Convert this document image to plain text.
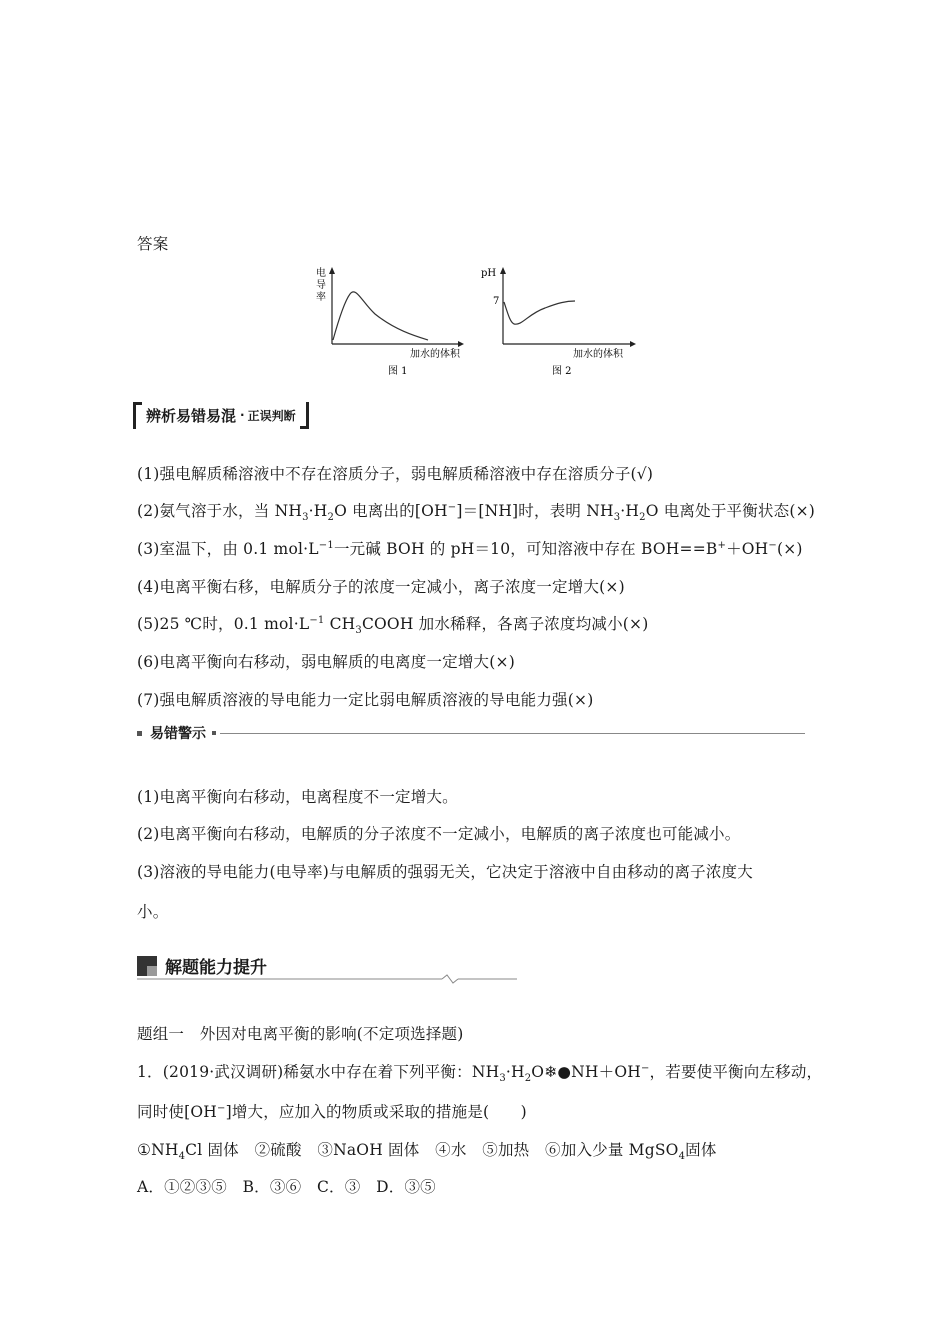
答案
电
导
率
加水的体积
图 1
pH
7
加水的体积
图 2
辨析易错易混 · 正误判断
(1)强电解质稀溶液中不存在溶质分子，弱电解质稀溶液中存在溶质分子(√)
(2)氨气溶于水，当 $NH_3\cdot H_2O$ 电离出的[OH−]＝[NH]时，表明 $NH_3\cdot H_2O$ 电离处于平衡状态(×)
(3)室温下，由 0.1 $mol\cdot L^{-1}$一元碱 BOH 的 pH＝10，可知溶液中存在 BOH==B+＋OH−(×)
(4)电离平衡右移，电解质分子的浓度一定减小，离子浓度一定增大(×)
(5)25 ℃时，0.1 $mol\cdot L^{-1}$ $CH_3COOH$ 加水稀释，各离子浓度均减小(×)
(6)电离平衡向右移动，弱电解质的电离度一定增大(×)
(7)强电解质溶液的导电能力一定比弱电解质溶液的导电能力强(×)
易错警示
(1)电离平衡向右移动，电离程度不一定增大。
(2)电离平衡向右移动，电解质的分子浓度不一定减小，电解质的离子浓度也可能减小。
(3)溶液的导电能力(电导率)与电解质的强弱无关，它决定于溶液中自由移动的离子浓度大
小。
解题能力提升
题组一　外因对电离平衡的影响(不定项选择题)
1．(2019·武汉调研)稀氨水中存在着下列平衡：$NH_3\cdot H_2O❄●NH+OH^-$，若要使平衡向左移动，
同时使[OH−]增大，应加入的物质或采取的措施是(　　)
$①NH_4Cl$ 固体　②硫酸　③NaOH 固体　④水　⑤加热　⑥加入少量 MgSO$_4$固体
A．①②③⑤　B．③⑥　C．③　D．③⑤
